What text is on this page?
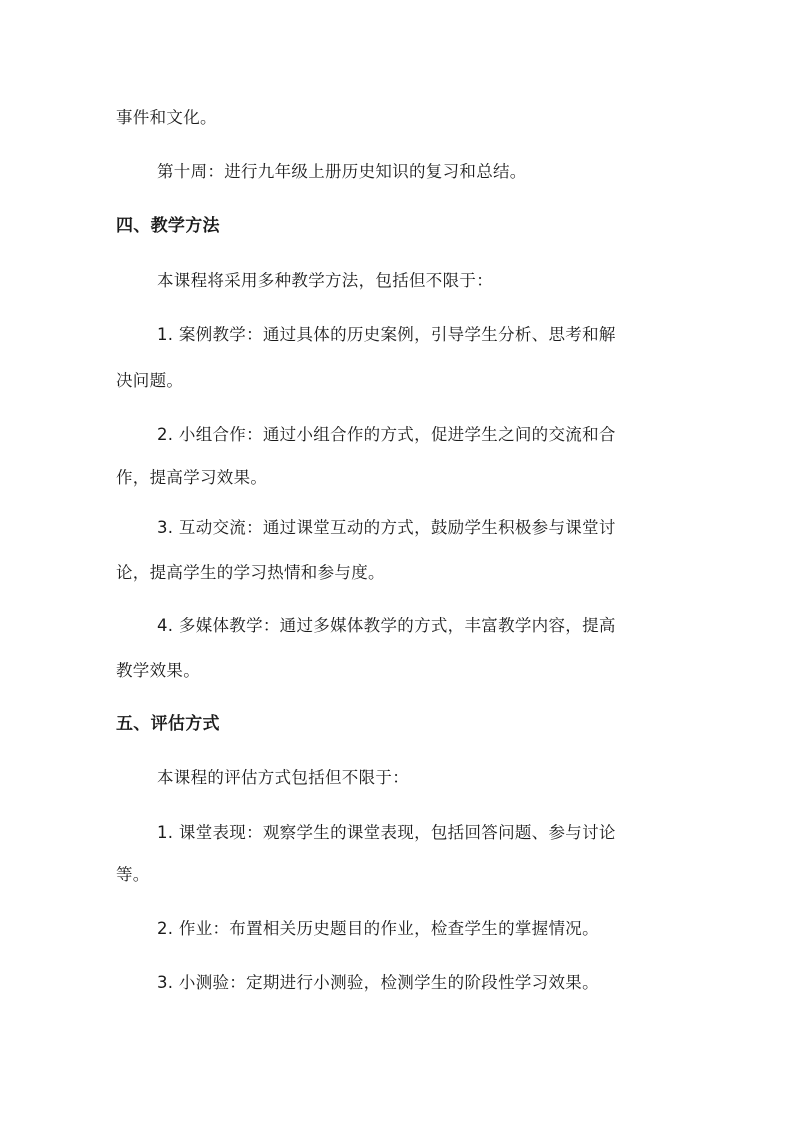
事件和文化。
第十周：进行九年级上册历史知识的复习和总结。
四、教学方法
本课程将采用多种教学方法，包括但不限于：
1. 案例教学：通过具体的历史案例，引导学生分析、思考和解
决问题。
2. 小组合作：通过小组合作的方式，促进学生之间的交流和合
作，提高学习效果。
3. 互动交流：通过课堂互动的方式，鼓励学生积极参与课堂讨
论，提高学生的学习热情和参与度。
4. 多媒体教学：通过多媒体教学的方式，丰富教学内容，提高
教学效果。
五、评估方式
本课程的评估方式包括但不限于：
1. 课堂表现：观察学生的课堂表现，包括回答问题、参与讨论
等。
2. 作业：布置相关历史题目的作业，检查学生的掌握情况。
3. 小测验：定期进行小测验，检测学生的阶段性学习效果。
